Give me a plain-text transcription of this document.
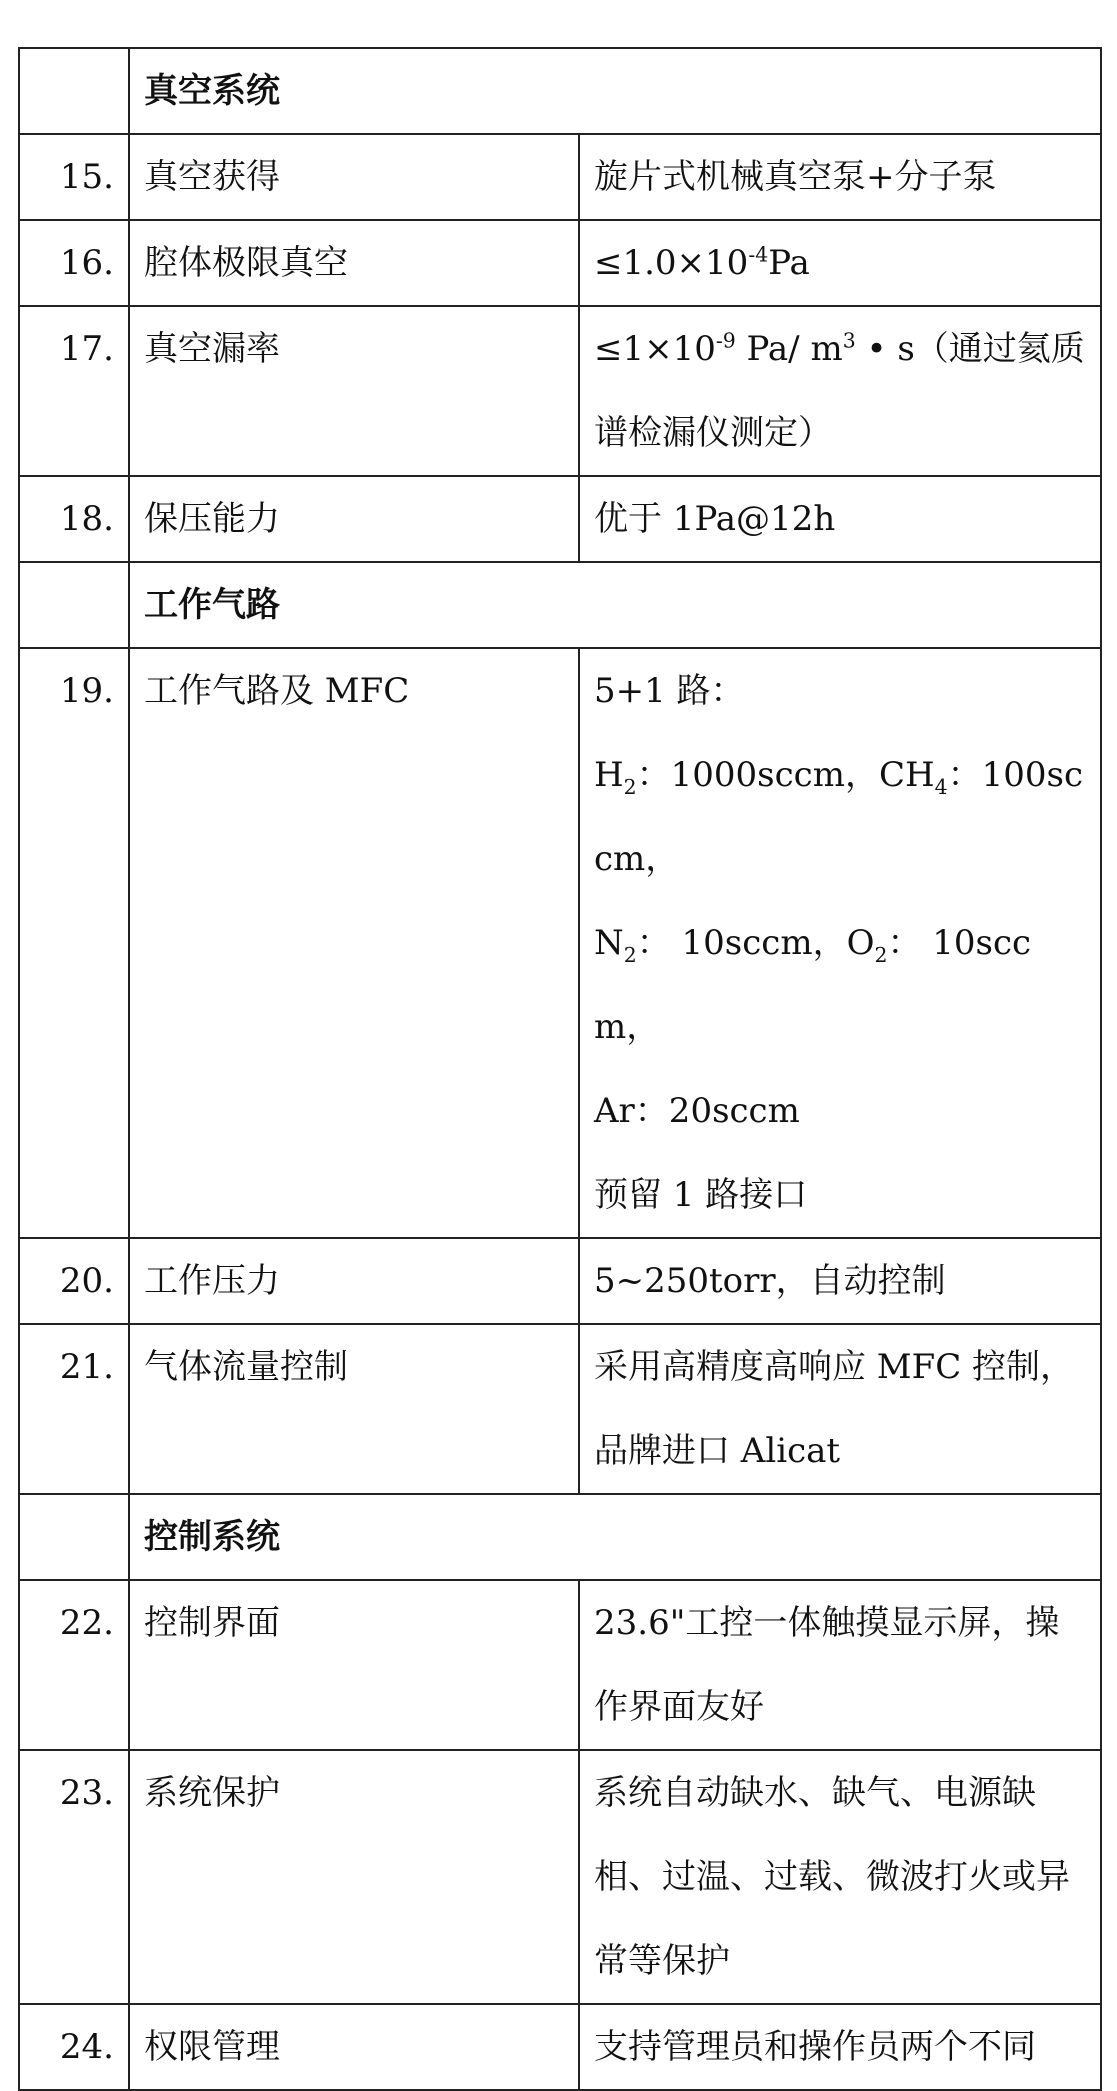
	真空系统	
15.	真空获得	旋片式机械真空泵+分子泵
16.	腔体极限真空	$\le 1.0\times 10^{-4}Pa$
17.	真空漏率	$\le 1\times 10^{-9}$ Pa/ $m^3$ • s（通过氦质谱检漏仪测定）
18.	保压能力	优于 1Pa@12h
	工作气路	
19.	工作气路及 MFC	5+1 路：
$H_2$：1000sccm，$CH_4$：100sccm，
$N_2$： 10sccm，$O_2$： 10sccm，
Ar：20sccm
预留 1 路接口

20.	工作压力	5~250torr，自动控制
21.	气体流量控制	采用高精度高响应 MFC 控制，品牌进口 Alicat
	控制系统	
22.	控制界面	23.6"工控一体触摸显示屏，操作界面友好
23.	系统保护	系统自动缺水、缺气、电源缺相、过温、过载、微波打火或异常等保护
24.	权限管理	支持管理员和操作员两个不同
